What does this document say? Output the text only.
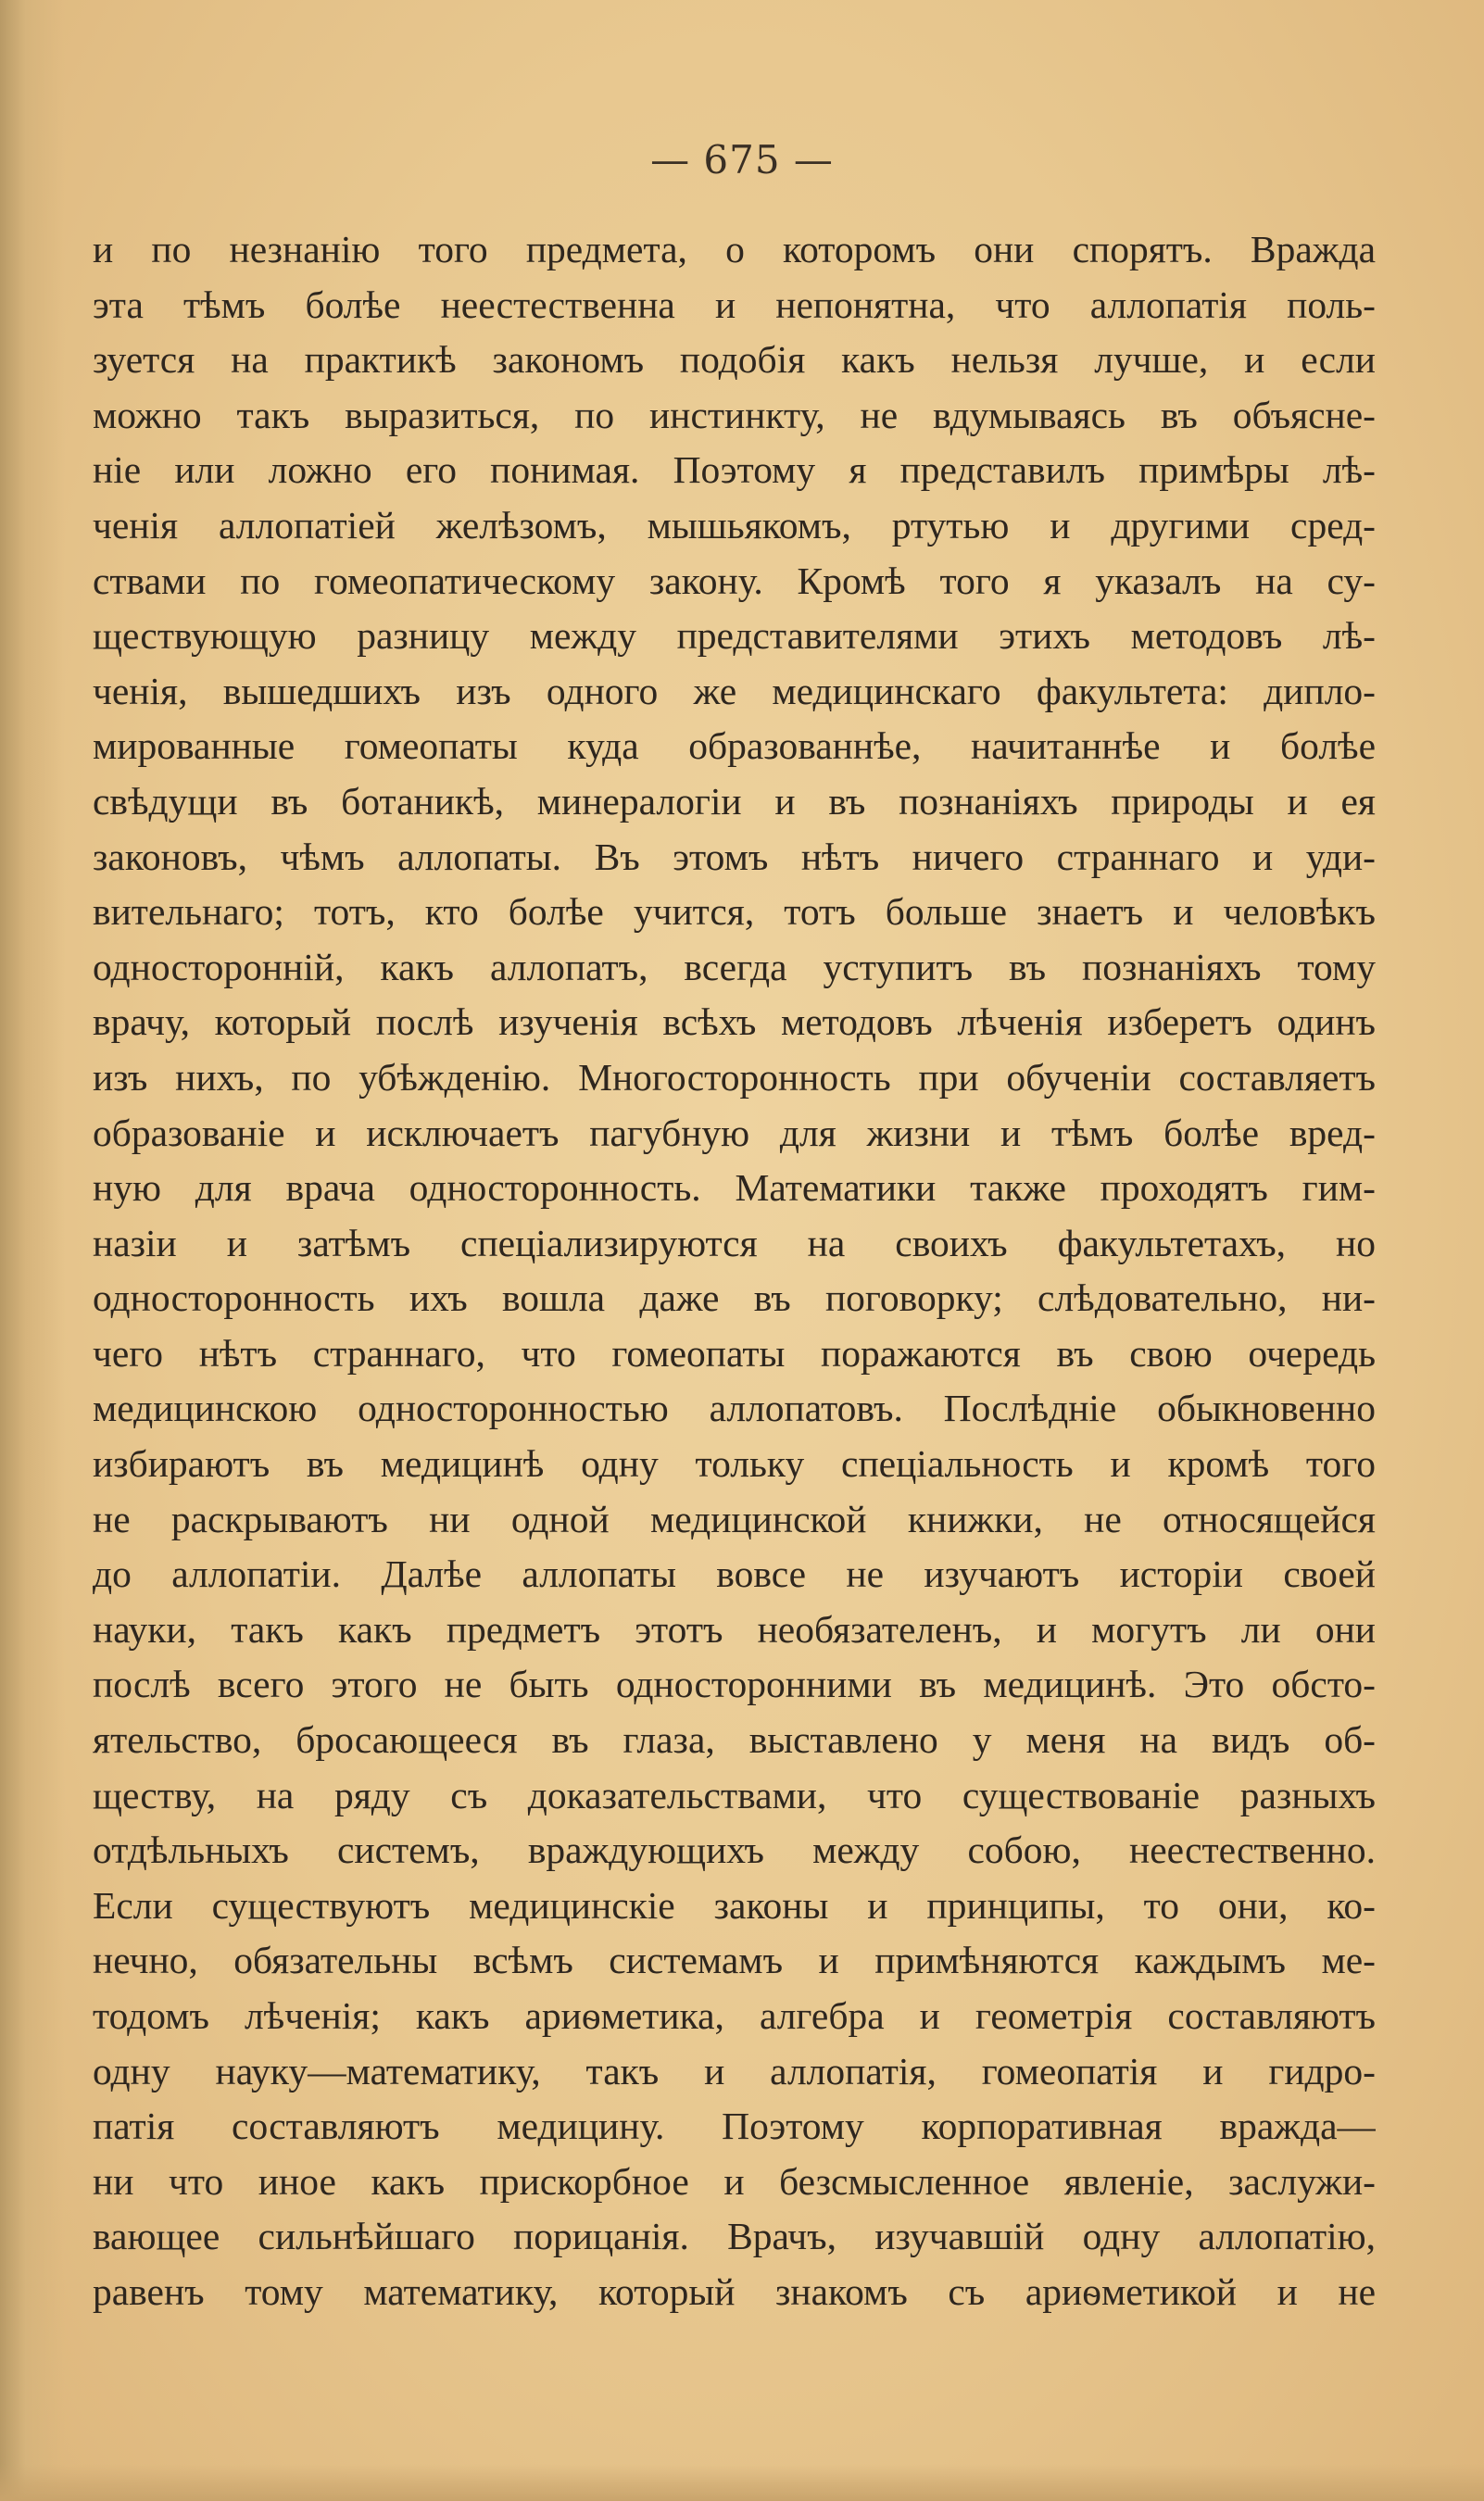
— 675 —
и по незнанію того предмета, о которомъ они спорятъ. Вражда
эта тѣмъ болѣе неестественна и непонятна, что аллопатія поль-
зуется на практикѣ закономъ подобія какъ нельзя лучше, и если
можно такъ выразиться, по инстинкту, не вдумываясь въ объясне-
ніе или ложно его понимая. Поэтому я представилъ примѣры лѣ-
ченія аллопатіей желѣзомъ, мышьякомъ, ртутью и другими сред-
ствами по гомеопатическому закону. Кромѣ того я указалъ на су-
ществующую разницу между представителями этихъ методовъ лѣ-
ченія, вышедшихъ изъ одного же медицинскаго факультета: дипло-
мированные гомеопаты куда образованнѣе, начитаннѣе и болѣе
свѣдущи въ ботаникѣ, минералогіи и въ познаніяхъ природы и ея
законовъ, чѣмъ аллопаты. Въ этомъ нѣтъ ничего страннаго и уди-
вительнаго; тотъ, кто болѣе учится, тотъ больше знаетъ и человѣкъ
односторонній, какъ аллопатъ, всегда уступитъ въ познаніяхъ тому
врачу, который послѣ изученія всѣхъ методовъ лѣченія изберетъ одинъ
изъ нихъ, по убѣжденію. Многосторонность при обученіи составляетъ
образованіе и исключаетъ пагубную для жизни и тѣмъ болѣе вред-
ную для врача односторонность. Математики также проходятъ гим-
назіи и затѣмъ спеціализируются на своихъ факультетахъ, но
односторонность ихъ вошла даже въ поговорку; слѣдовательно, ни-
чего нѣтъ страннаго, что гомеопаты поражаются въ свою очередь
медицинскою односторонностью аллопатовъ. Послѣдніе обыкновенно
избираютъ въ медицинѣ одну тольку спеціальность и кромѣ того
не раскрываютъ ни одной медицинской книжки, не относящейся
до аллопатіи. Далѣе аллопаты вовсе не изучаютъ исторіи своей
науки, такъ какъ предметъ этотъ необязателенъ, и могутъ ли они
послѣ всего этого не быть односторонними въ медицинѣ. Это обсто-
ятельство, бросающееся въ глаза, выставлено у меня на видъ об-
ществу, на ряду съ доказательствами, что существованіе разныхъ
отдѣльныхъ системъ, враждующихъ между собою, неестественно.
Если существуютъ медицинскіе законы и принципы, то они, ко-
нечно, обязательны всѣмъ системамъ и примѣняются каждымъ ме-
тодомъ лѣченія; какъ ариѳметика, алгебра и геометрія составляютъ
одну науку—математику, такъ и аллопатія, гомеопатія и гидро-
патія составляютъ медицину. Поэтому корпоративная вражда—
ни что иное какъ прискорбное и безсмысленное явленіе, заслужи-
вающее сильнѣйшаго порицанія. Врачъ, изучавшій одну аллопатію,
равенъ тому математику, который знакомъ съ ариѳметикой и не
